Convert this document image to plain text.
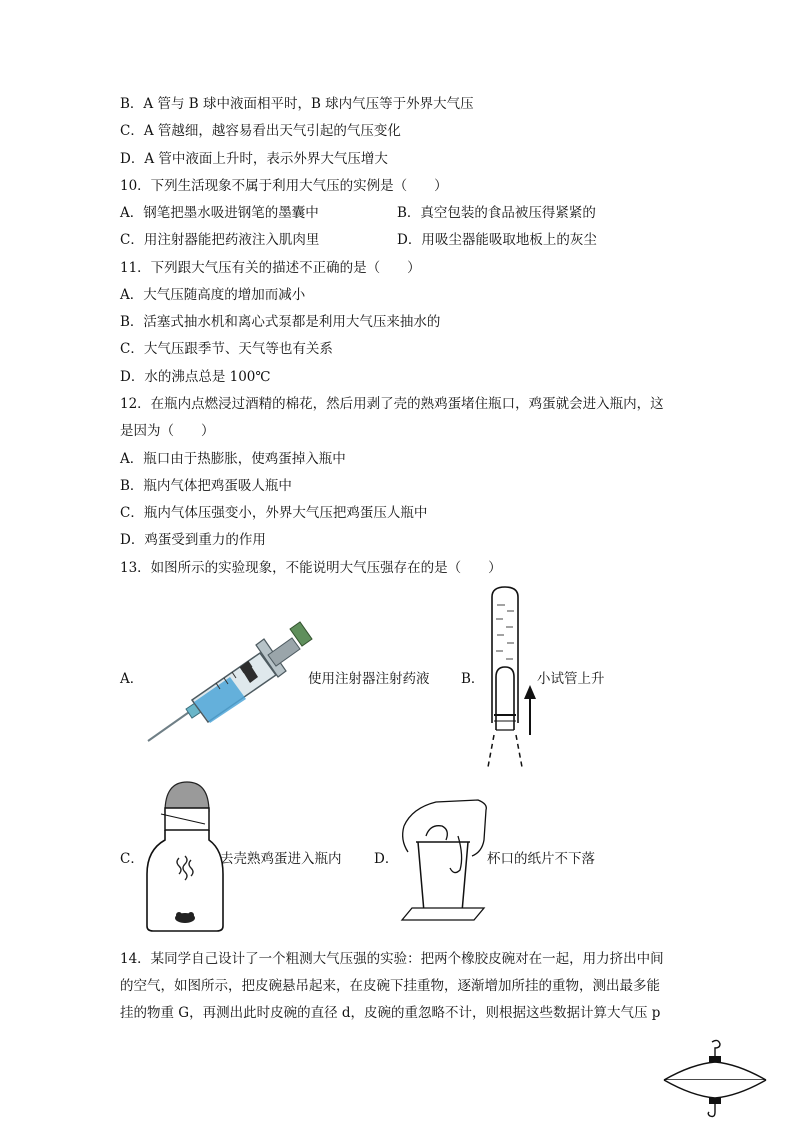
B．A 管与 B 球中液面相平时，B 球内气压等于外界大气压
C．A 管越细，越容易看出天气引起的气压变化
D．A 管中液面上升时，表示外界大气压增大
10．下列生活现象不属于利用大气压的实例是（　　）
A．钢笔把墨水吸进钢笔的墨囊中	B．真空包装的食品被压得紧紧的
C．用注射器能把药液注入肌肉里	D．用吸尘器能吸取地板上的灰尘
11．下列跟大气压有关的描述不正确的是（　　）
A．大气压随高度的增加而减小
B．活塞式抽水机和离心式泵都是利用大气压来抽水的
C．大气压跟季节、天气等也有关系
D．水的沸点总是 100℃
12．在瓶内点燃浸过酒精的棉花，然后用剥了壳的熟鸡蛋堵住瓶口，鸡蛋就会进入瓶内，这
是因为（　　）
A．瓶口由于热膨胀，使鸡蛋掉入瓶中
B．瓶内气体把鸡蛋吸人瓶中
C．瓶内气体压强变小，外界大气压把鸡蛋压人瓶中
D．鸡蛋受到重力的作用
13．如图所示的实验现象，不能说明大气压强存在的是（　　）
A．	使用注射器注射药液 B．	小试管上升
C．	去壳熟鸡蛋进入瓶内 D．	杯口的纸片不下落
14．某同学自己设计了一个粗测大气压强的实验：把两个橡胶皮碗对在一起，用力挤出中间
的空气，如图所示，把皮碗悬吊起来，在皮碗下挂重物，逐渐增加所挂的重物，测出最多能
挂的物重 G，再测出此时皮碗的直径 d，皮碗的重忽略不计，则根据这些数据计算大气压 p
